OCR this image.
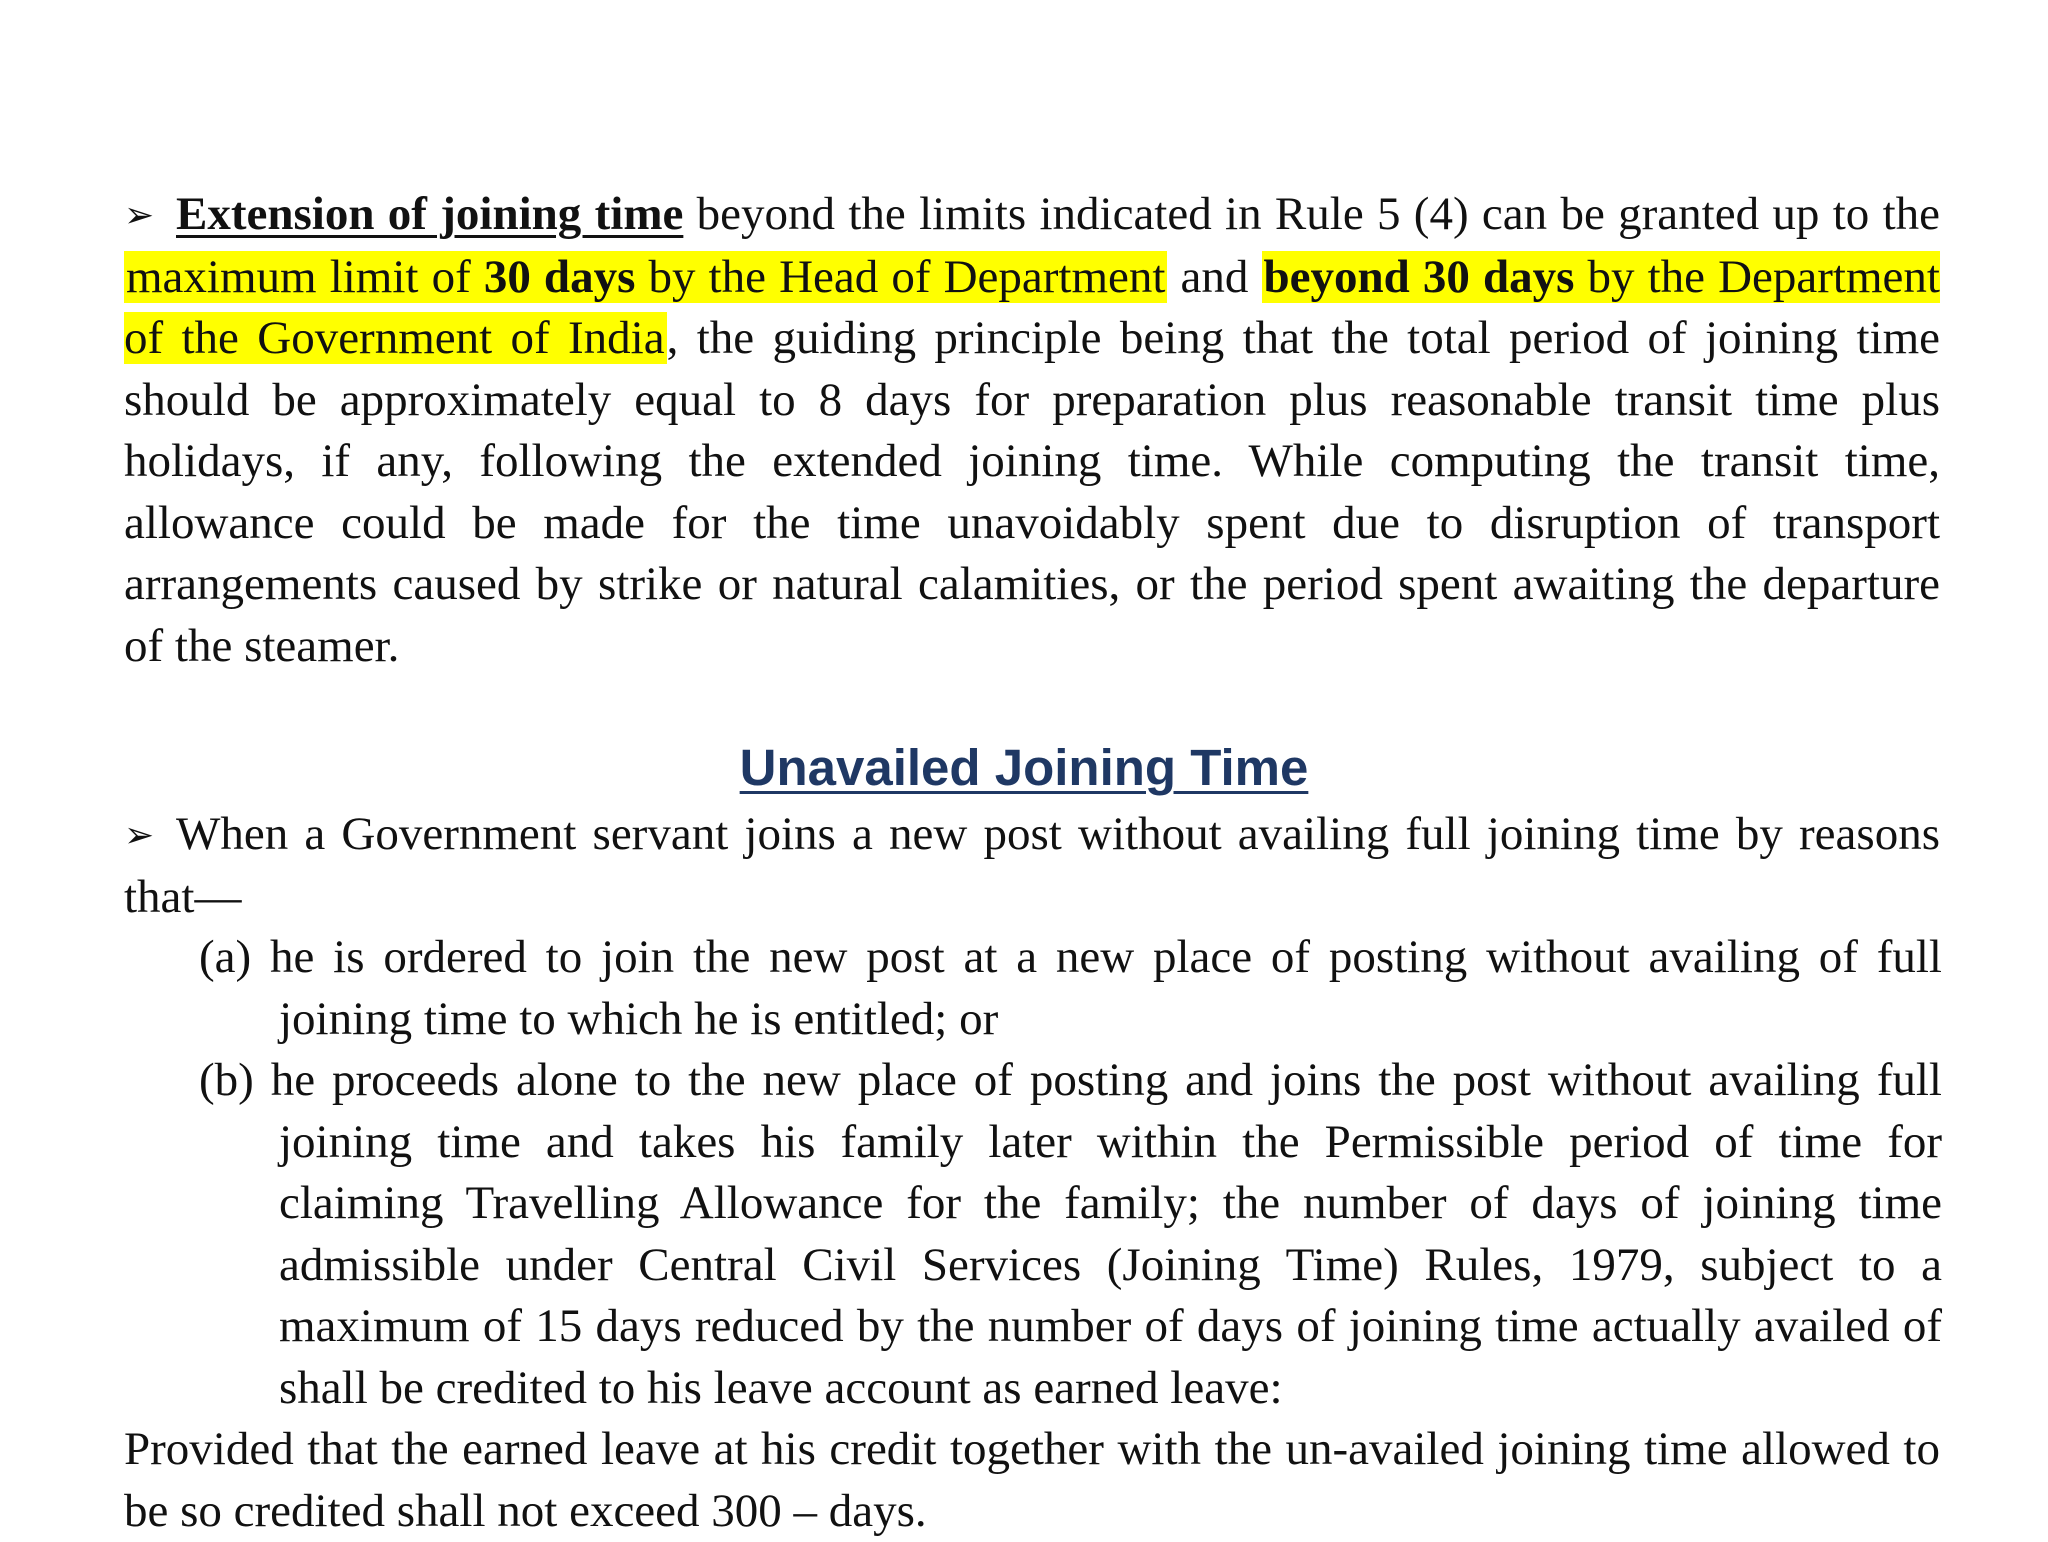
➢ Extension of joining time beyond the limits indicated in Rule 5 (4) can be granted up to the maximum limit of 30 days by the Head of Department and beyond 30 days by the Department of the Government of India, the guiding principle being that the total period of joining time should be approximately equal to 8 days for preparation plus reasonable transit time plus holidays, if any, following the extended joining time. While computing the transit time, allowance could be made for the time unavoidably spent due to disruption of transport arrangements caused by strike or natural calamities, or the period spent awaiting the departure of the steamer.

Unavailed Joining Time

➢ When a Government servant joins a new post without availing full joining time by reasons that—

(a) he is ordered to join the new post at a new place of posting without availing of full joining time to which he is entitled; or

(b) he proceeds alone to the new place of posting and joins the post without availing full joining time and takes his family later within the Permissible period of time for claiming Travelling Allowance for the family; the number of days of joining time admissible under Central Civil Services (Joining Time) Rules, 1979, subject to a maximum of 15 days reduced by the number of days of joining time actually availed of shall be credited to his leave account as earned leave:

Provided that the earned leave at his credit together with the un-availed joining time allowed to be so credited shall not exceed 300 – days.
